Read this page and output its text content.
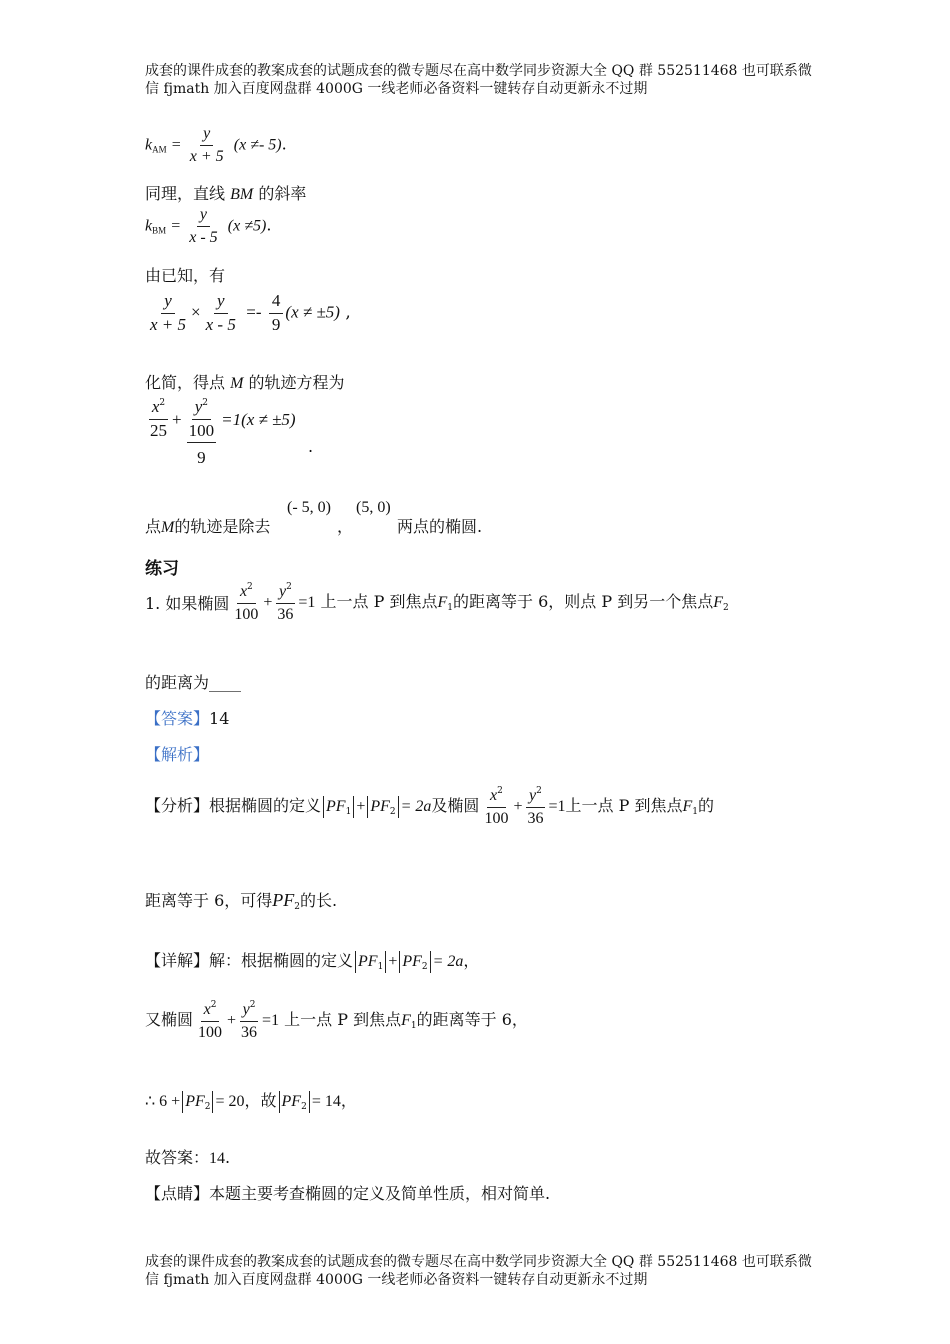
成套的课件成套的教案成套的试题成套的微专题尽在高中数学同步资源大全 QQ 群 552511468 也可联系微
信 fjmath 加入百度网盘群 4000G 一线老师必备资料一键转存自动更新永不过期
$k_{AM} = \frac{y}{x + 5} (x \ne- 5)$.
同理，直线 BM 的斜率
$k_{BM} = \frac{y}{x - 5} (x \ne 5)$.
由已知，有
$\frac{y}{x + 5} \times \frac{y}{x - 5} =- \frac{4}{9} (x \ne \pm 5)$ ,
化简，得点 M 的轨迹方程为
$\frac{x^2}{25} + y^2$
100
9 =1(x ≠ ±5)
.
点M的轨迹是除去
(- 5, 0)
，
(5, 0)
两点的椭圆.
练习
1. 如果椭圆 $\frac{x^2}{100} + \frac{y^2}{36} =1$ 上一点 P 到焦点$F_1$的距离等于 6，则点 P 到另一个焦点$F_2$
的距离为____
【答案】14
【解析】
【分析】根据椭圆的定义 $PF_1 + PF_2 = 2a$及椭圆 $\frac{x^2}{100} + \frac{y^2}{36} =1$上一点 P 到焦点$F_1$的
距离等于 6，可得$PF_2$的长.
【详解】解：根据椭圆的定义 $PF_1 + PF_2 = 2a$，
又椭圆 $\frac{x^2}{100} + \frac{y^2}{36} =1$ 上一点 P 到焦点$F_1$的距离等于 6，
∴ $6 + PF_2 = 20$，故 $PF_2 = 14$，
故答案：14.
【点睛】本题主要考查椭圆的定义及简单性质，相对简单.
成套的课件成套的教案成套的试题成套的微专题尽在高中数学同步资源大全 QQ 群 552511468 也可联系微
信 fjmath 加入百度网盘群 4000G 一线老师必备资料一键转存自动更新永不过期
